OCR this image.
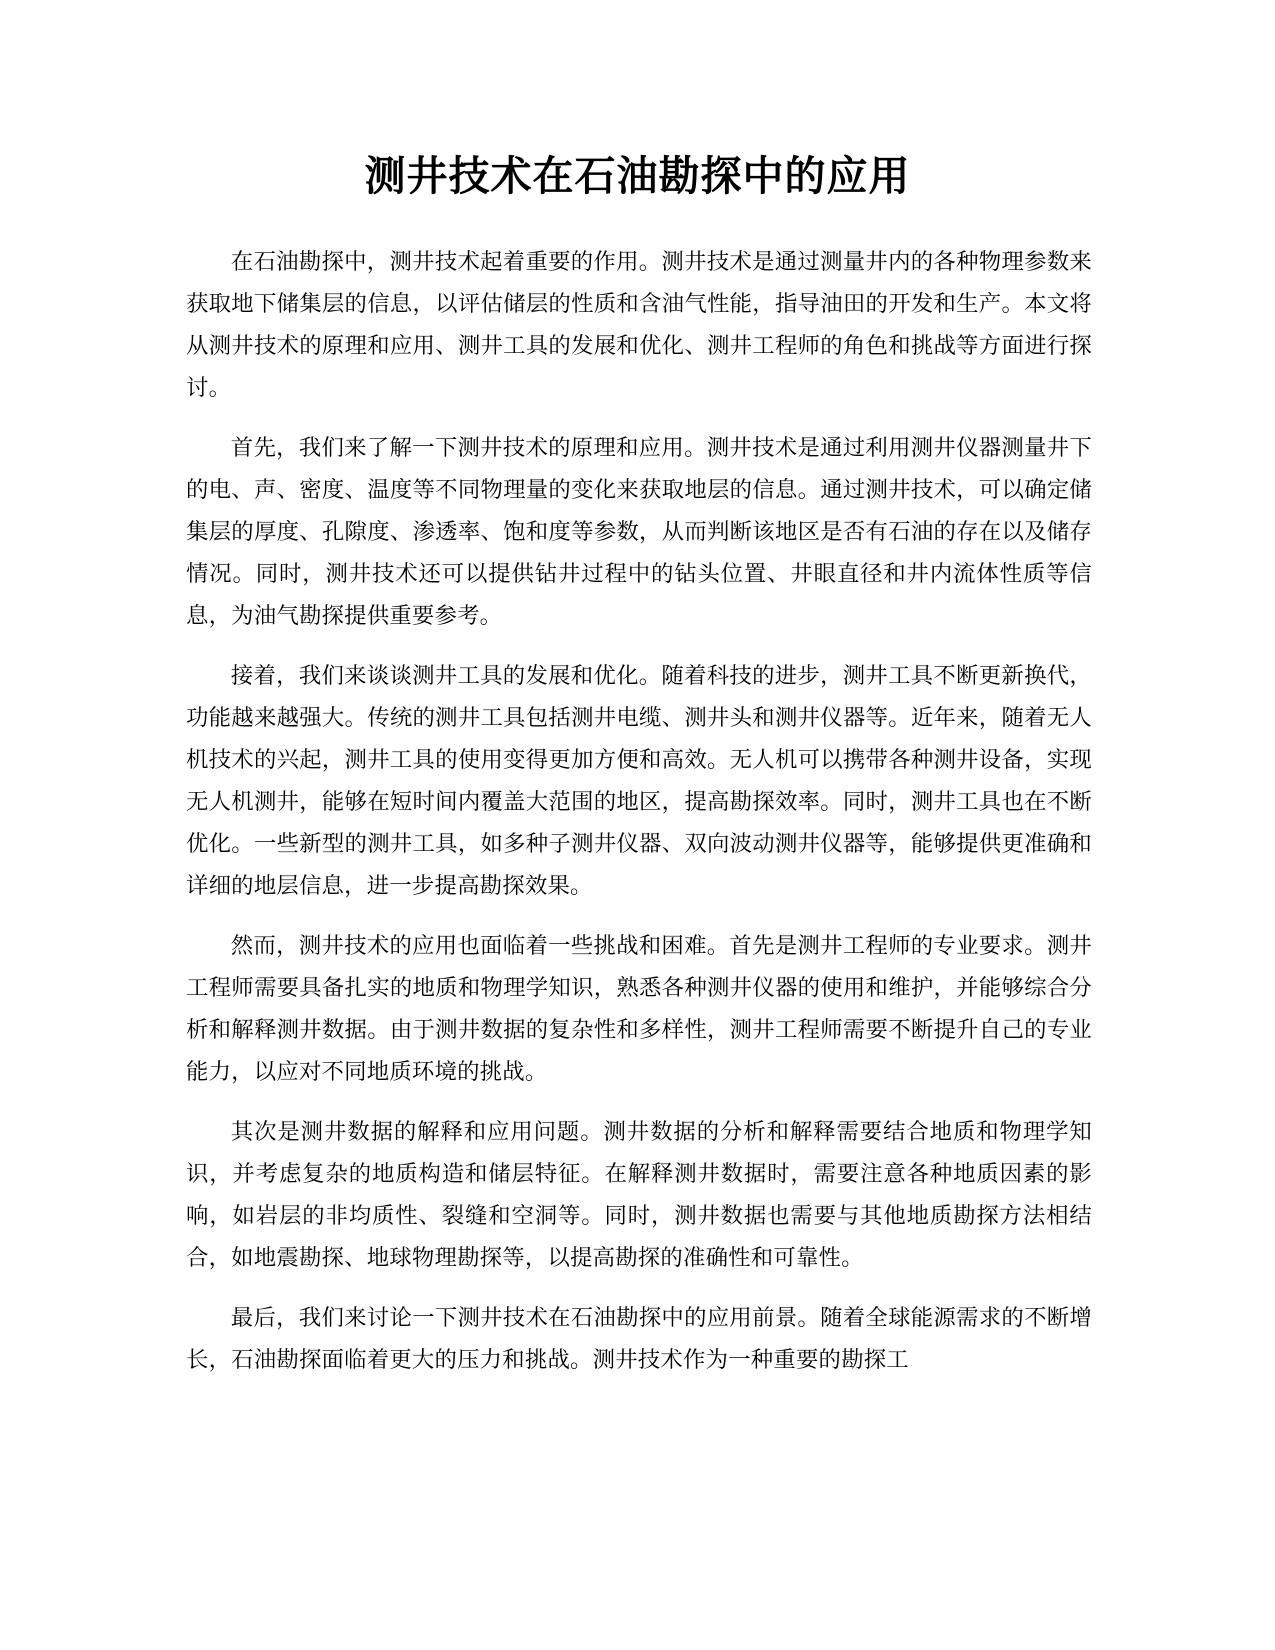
测井技术在石油勘探中的应用

在石油勘探中，测井技术起着重要的作用。测井技术是通过测量井内的各种物理参数来获取地下储集层的信息，以评估储层的性质和含油气性能，指导油田的开发和生产。本文将从测井技术的原理和应用、测井工具的发展和优化、测井工程师的角色和挑战等方面进行探讨。

首先，我们来了解一下测井技术的原理和应用。测井技术是通过利用测井仪器测量井下的电、声、密度、温度等不同物理量的变化来获取地层的信息。通过测井技术，可以确定储集层的厚度、孔隙度、渗透率、饱和度等参数，从而判断该地区是否有石油的存在以及储存情况。同时，测井技术还可以提供钻井过程中的钻头位置、井眼直径和井内流体性质等信息，为油气勘探提供重要参考。

接着，我们来谈谈测井工具的发展和优化。随着科技的进步，测井工具不断更新换代，功能越来越强大。传统的测井工具包括测井电缆、测井头和测井仪器等。近年来，随着无人机技术的兴起，测井工具的使用变得更加方便和高效。无人机可以携带各种测井设备，实现无人机测井，能够在短时间内覆盖大范围的地区，提高勘探效率。同时，测井工具也在不断优化。一些新型的测井工具，如多种子测井仪器、双向波动测井仪器等，能够提供更准确和详细的地层信息，进一步提高勘探效果。

然而，测井技术的应用也面临着一些挑战和困难。首先是测井工程师的专业要求。测井工程师需要具备扎实的地质和物理学知识，熟悉各种测井仪器的使用和维护，并能够综合分析和解释测井数据。由于测井数据的复杂性和多样性，测井工程师需要不断提升自己的专业能力，以应对不同地质环境的挑战。

其次是测井数据的解释和应用问题。测井数据的分析和解释需要结合地质和物理学知识，并考虑复杂的地质构造和储层特征。在解释测井数据时，需要注意各种地质因素的影响，如岩层的非均质性、裂缝和空洞等。同时，测井数据也需要与其他地质勘探方法相结合，如地震勘探、地球物理勘探等，以提高勘探的准确性和可靠性。

最后，我们来讨论一下测井技术在石油勘探中的应用前景。随着全球能源需求的不断增长，石油勘探面临着更大的压力和挑战。测井技术作为一种重要的勘探工
